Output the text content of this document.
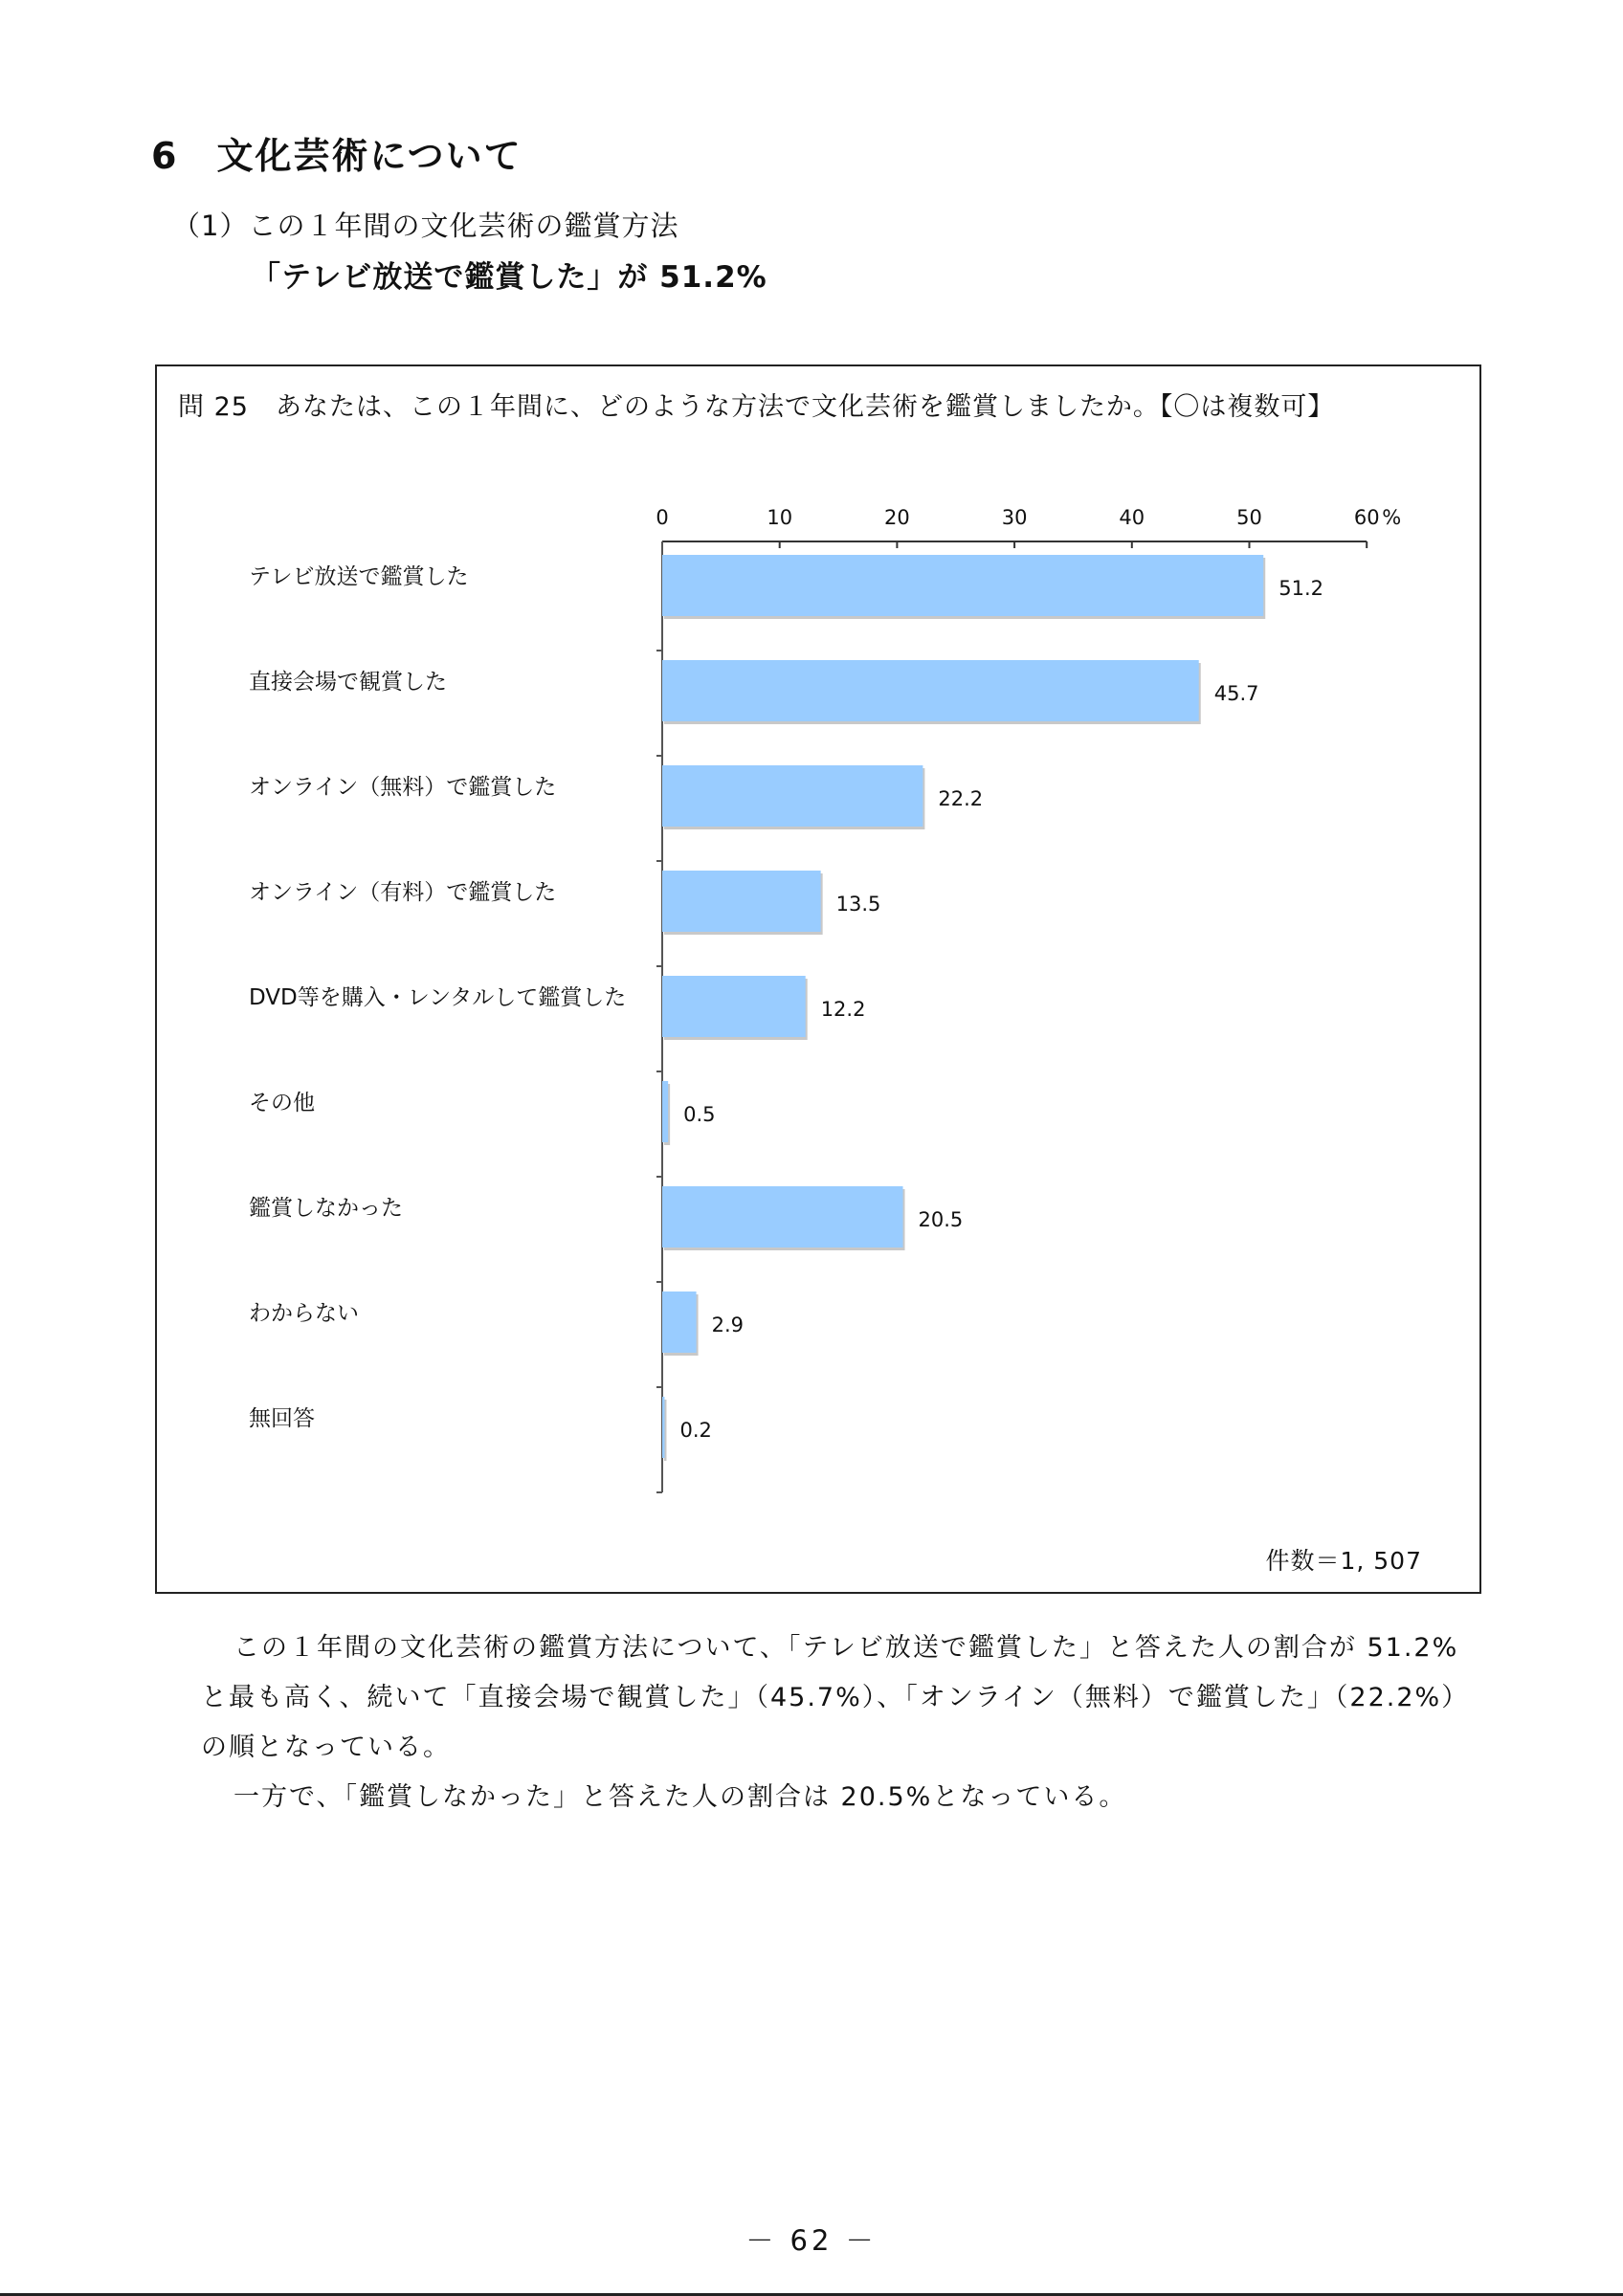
6　文化芸術について
（1）この１年間の文化芸術の鑑賞方法
「テレビ放送で鑑賞した」が 51.2%
問 25　あなたは、この１年間に、どのような方法で文化芸術を鑑賞しましたか。【〇は複数可】
0	10	20	30	40	50	60 %
テレビ放送で鑑賞した	51.2
直接会場で観賞した	45.7
オンライン（無料）で鑑賞した	22.2
オンライン（有料）で鑑賞した	13.5
DVD等を購入・レンタルして鑑賞した	12.2
その他	0.5
鑑賞しなかった	20.5
わからない	2.9
無回答	0.2
件数＝1, 507

この１年間の文化芸術の鑑賞方法について、「テレビ放送で鑑賞した」と答えた人の割合が 51.2%と最も高く、続いて「直接会場で観賞した」（45.7%）、「オンライン（無料）で鑑賞した」（22.2%）の順となっている。

一方で、「鑑賞しなかった」と答えた人の割合は 20.5%となっている。

－ 62 －
